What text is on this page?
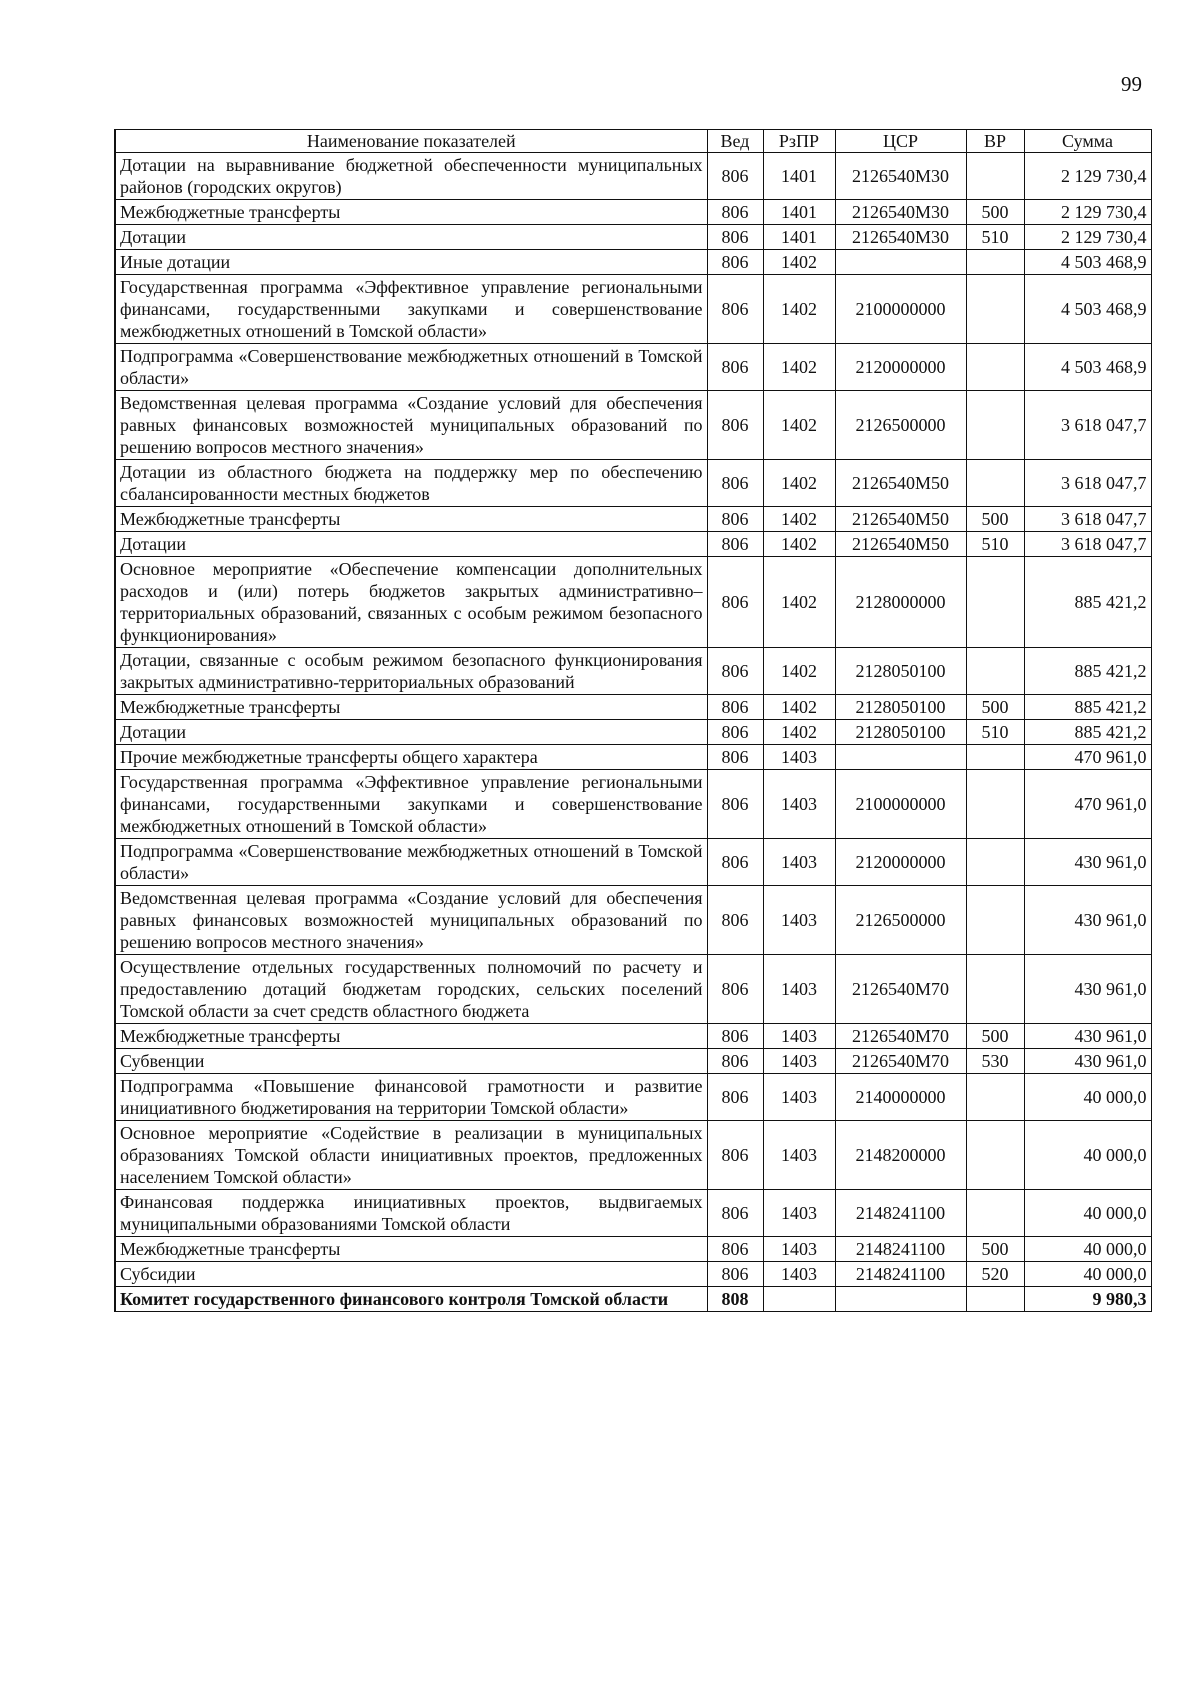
99
Наименование показателей	Вед	РзПР	ЦСР	ВР	Сумма
Дотации на выравнивание бюджетной обеспеченности муниципальных районов (городских округов)	806	1401	2126540М30		2 129 730,4
Межбюджетные трансферты	806	1401	2126540М30	500	2 129 730,4
Дотации	806	1401	2126540М30	510	2 129 730,4
Иные дотации	806	1402			4 503 468,9
Государственная программа «Эффективное управление региональными финансами, государственными закупками и совершенствование межбюджетных отношений в Томской области»	806	1402	2100000000		4 503 468,9
Подпрограмма «Совершенствование межбюджетных отношений в Томской области»	806	1402	2120000000		4 503 468,9
Ведомственная целевая программа «Создание условий для обеспечения равных финансовых возможностей муниципальных образований по решению вопросов местного значения»	806	1402	2126500000		3 618 047,7
Дотации из областного бюджета на поддержку мер по обеспечению сбалансированности местных бюджетов	806	1402	2126540М50		3 618 047,7
Межбюджетные трансферты	806	1402	2126540М50	500	3 618 047,7
Дотации	806	1402	2126540М50	510	3 618 047,7
Основное мероприятие «Обеспечение компенсации дополнительных расходов и (или) потерь бюджетов закрытых административно–территориальных образований, связанных с особым режимом безопасного функционирования»	806	1402	2128000000		885 421,2
Дотации, связанные с особым режимом безопасного функционирования закрытых административно-территориальных образований	806	1402	2128050100		885 421,2
Межбюджетные трансферты	806	1402	2128050100	500	885 421,2
Дотации	806	1402	2128050100	510	885 421,2
Прочие межбюджетные трансферты общего характера	806	1403			470 961,0
Государственная программа «Эффективное управление региональными финансами, государственными закупками и совершенствование межбюджетных отношений в Томской области»	806	1403	2100000000		470 961,0
Подпрограмма «Совершенствование межбюджетных отношений в Томской области»	806	1403	2120000000		430 961,0
Ведомственная целевая программа «Создание условий для обеспечения равных финансовых возможностей муниципальных образований по решению вопросов местного значения»	806	1403	2126500000		430 961,0
Осуществление отдельных государственных полномочий по расчету и предоставлению дотаций бюджетам городских, сельских поселений Томской области за счет средств областного бюджета	806	1403	2126540М70		430 961,0
Межбюджетные трансферты	806	1403	2126540М70	500	430 961,0
Субвенции	806	1403	2126540М70	530	430 961,0
Подпрограмма «Повышение финансовой грамотности и развитие инициативного бюджетирования на территории Томской области»	806	1403	2140000000		40 000,0
Основное мероприятие «Содействие в реализации в муниципальных образованиях Томской области инициативных проектов, предложенных населением Томской области»	806	1403	2148200000		40 000,0
Финансовая поддержка инициативных проектов, выдвигаемых муниципальными образованиями Томской области	806	1403	2148241100		40 000,0
Межбюджетные трансферты	806	1403	2148241100	500	40 000,0
Субсидии	806	1403	2148241100	520	40 000,0
Комитет государственного финансового контроля Томской области	808				9 980,3
